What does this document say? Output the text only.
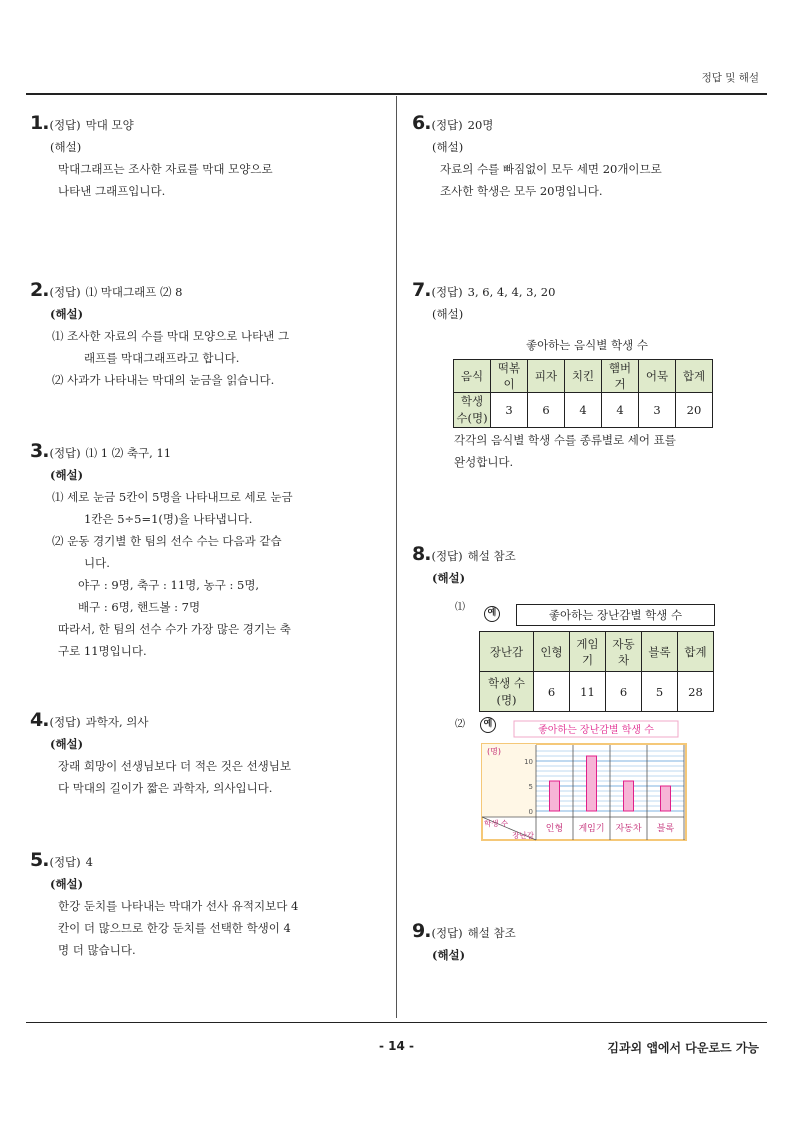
정답 및 해설
1. (정답) 막대 모양
(해설)
막대그래프는 조사한 자료를 막대 모양으로
나타낸 그래프입니다.
2. (정답) ⑴ 막대그래프 ⑵ 8
(해설)
⑴ 조사한 자료의 수를 막대 모양으로 나타낸 그
래프를 막대그래프라고 합니다.
⑵ 사과가 나타내는 막대의 눈금을 읽습니다.
3. (정답) ⑴ 1 ⑵ 축구, 11
(해설)
⑴ 세로 눈금 5칸이 5명을 나타내므로 세로 눈금
1칸은 5÷5=1(명)을 나타냅니다.
⑵ 운동 경기별 한 팀의 선수 수는 다음과 같습
니다.
야구 : 9명, 축구 : 11명, 농구 : 5명,
배구 : 6명, 핸드볼 : 7명
따라서, 한 팀의 선수 수가 가장 많은 경기는 축
구로 11명입니다.
4. (정답) 과학자, 의사
(해설)
장래 희망이 선생님보다 더 적은 것은 선생님보
다 막대의 길이가 짧은 과학자, 의사입니다.
5. (정답) 4
(해설)
한강 둔치를 나타내는 막대가 선사 유적지보다 4
칸이 더 많으므로 한강 둔치를 선택한 학생이 4
명 더 많습니다.
6. (정답) 20명
(해설)
자료의 수를 빠짐없이 모두 세면 20개이므로
조사한 학생은 모두 20명입니다.
7. (정답) 3, 6, 4, 4, 3, 20
(해설)
좋아하는 음식별 학생 수
음식	떡볶이	피자	치킨	햄버거	어묵	합계
학생 수(명)	3	6	4	4	3	20
각각의 음식별 학생 수를 종류별로 세어 표를
완성합니다.
8. (정답) 해설 참조
(해설)
⑴	예	좋아하는 장난감별 학생 수
장난감	인형	게임기	자동차	블록	합계
학생 수(명)	6	11	6	5	28
⑵	예
좋아하는 장난감별 학생 수
0
5
10
(명)
인형 게임기 자동차 블록
학생 수
장난감
9. (정답) 해설 참조
(해설)
- 14 -	김과외 앱에서 다운로드 가능
